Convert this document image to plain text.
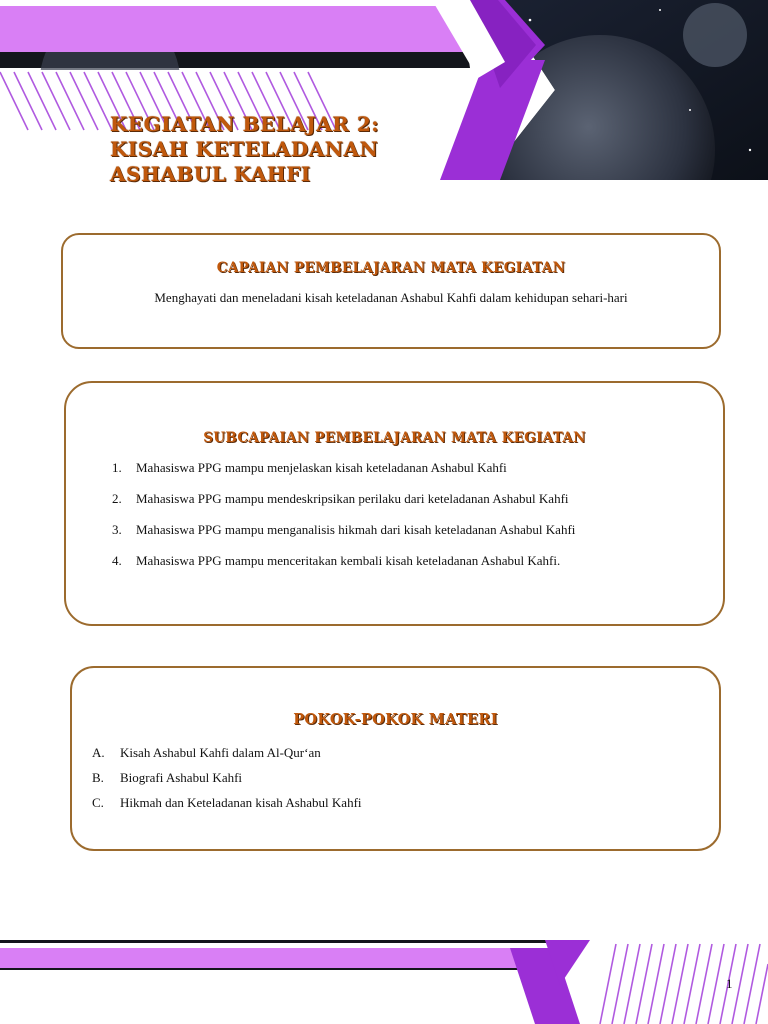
KEGIATAN BELAJAR 2:
KISAH KETELADANAN
ASHABUL KAHFI
CAPAIAN PEMBELAJARAN MATA KEGIATAN

Menghayati dan meneladani kisah keteladanan Ashabul Kahfi dalam kehidupan sehari-hari

SUBCAPAIAN PEMBELAJARAN MATA KEGIATAN
1. Mahasiswa PPG mampu menjelaskan kisah keteladanan Ashabul Kahfi
2. Mahasiswa PPG mampu mendeskripsikan perilaku dari keteladanan Ashabul Kahfi
3. Mahasiswa PPG mampu menganalisis hikmah dari kisah keteladanan Ashabul Kahfi
4. Mahasiswa PPG mampu menceritakan kembali kisah keteladanan Ashabul Kahfi.
POKOK-POKOK MATERI
A. Kisah Ashabul Kahfi dalam Al-Qur‘an
B. Biografi Ashabul Kahfi
C. Hikmah dan Keteladanan kisah Ashabul Kahfi
1
